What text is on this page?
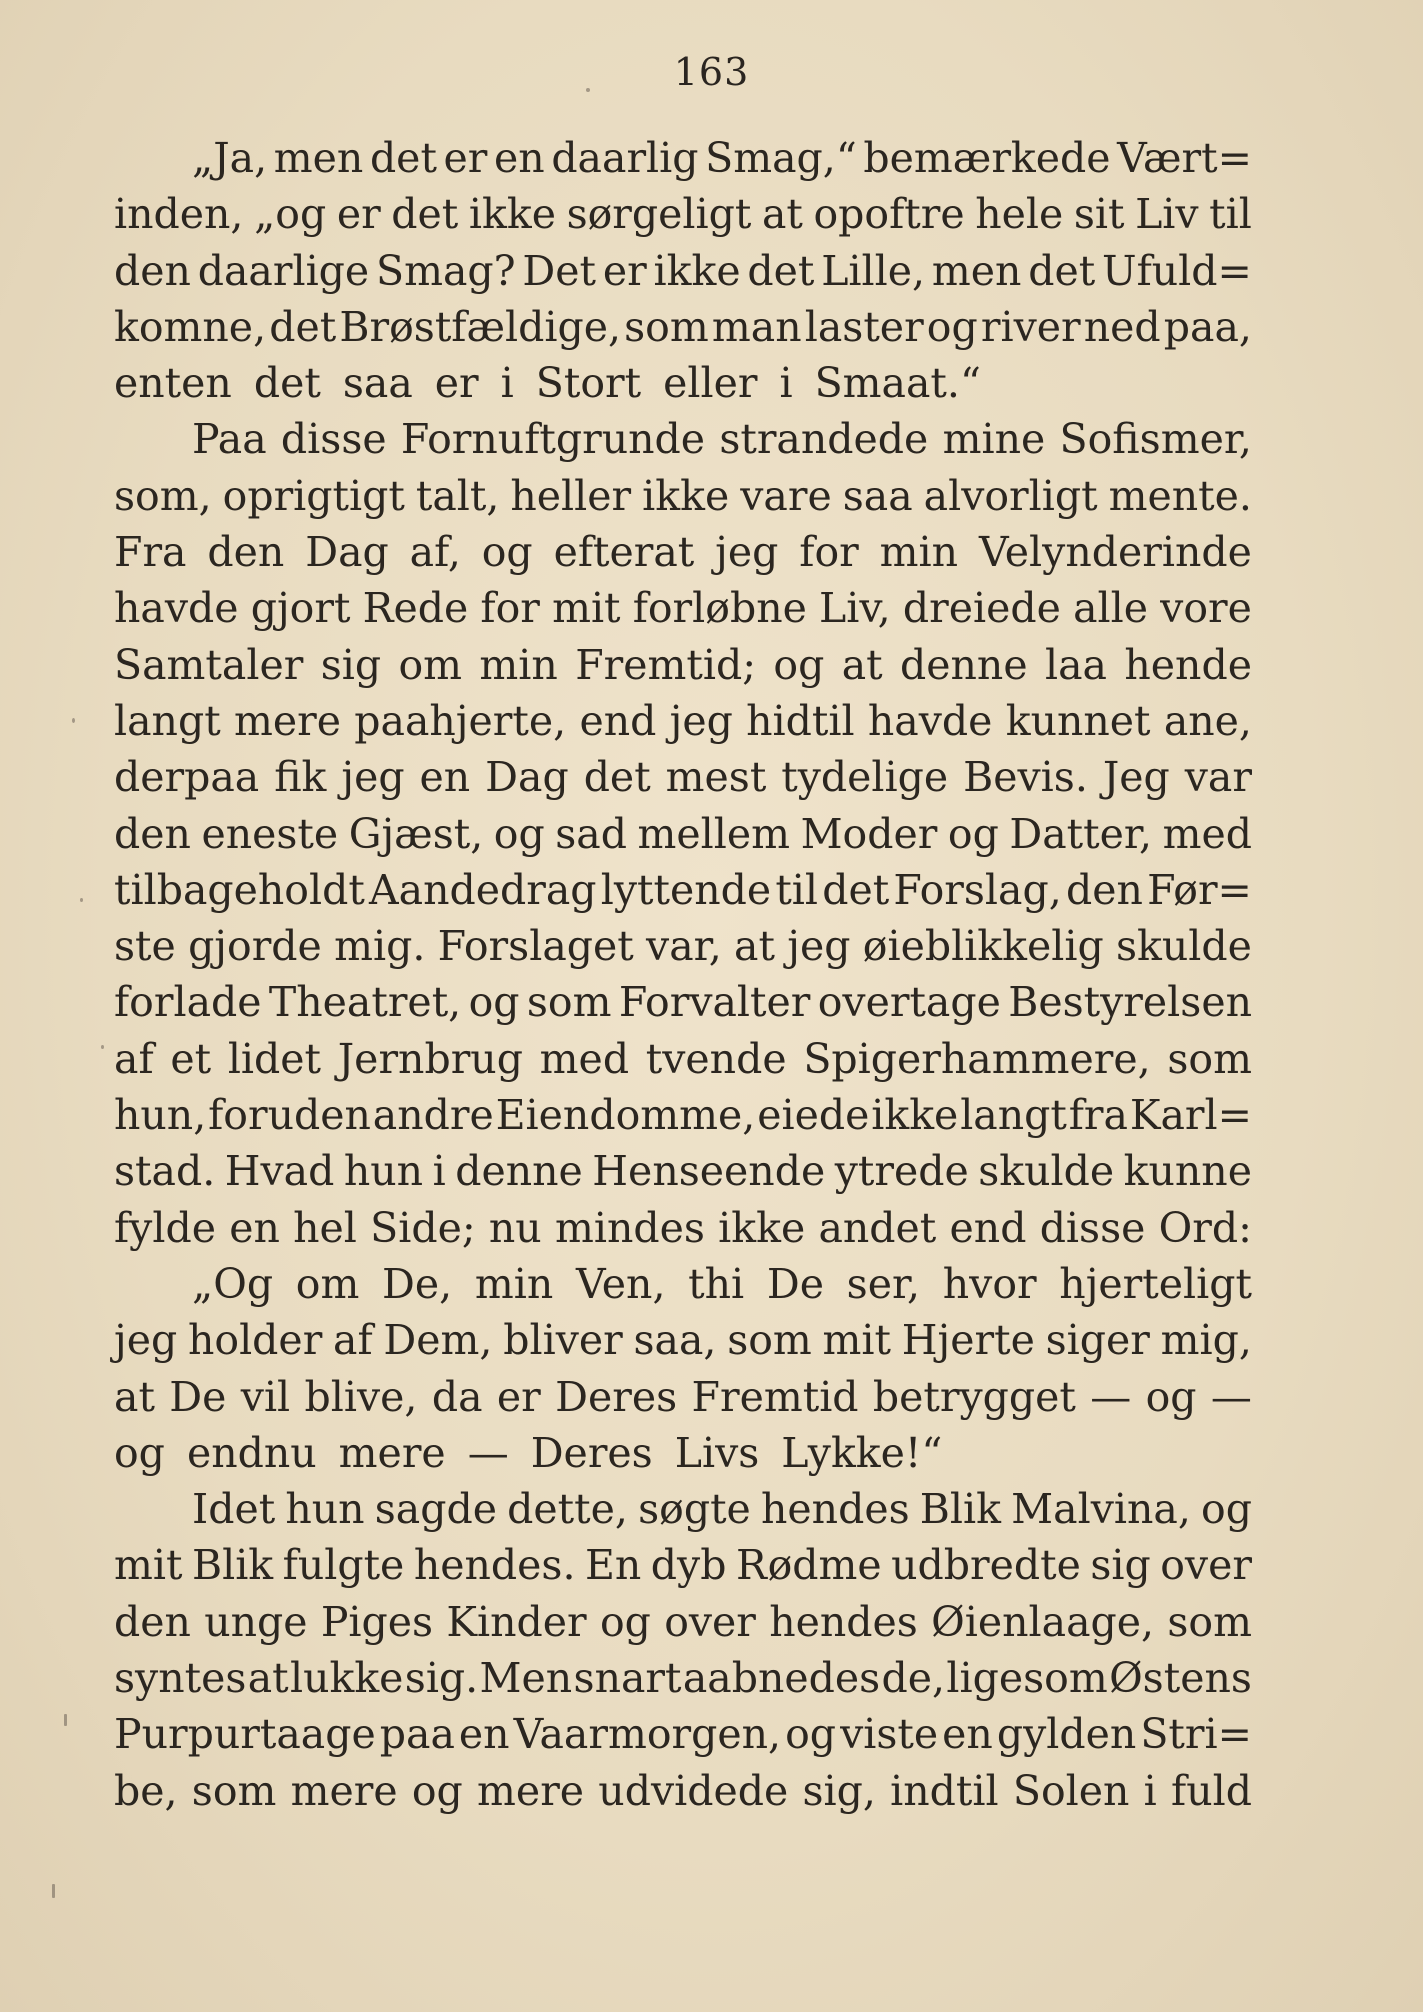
163
„Ja, men det er en daarlig Smag,“ bemærkede Vært=
inden, „og er det ikke sørgeligt at opoftre hele sit Liv til
den daarlige Smag? Det er ikke det Lille, men det Ufuld=
komne, det Brøstfældige, som man laster og river ned paa,
enten det saa er i Stort eller i Smaat.“
Paa disse Fornuftgrunde strandede mine Sofismer,
som, oprigtigt talt, heller ikke vare saa alvorligt mente.
Fra den Dag af, og efterat jeg for min Velynderinde
havde gjort Rede for mit forløbne Liv, dreiede alle vore
Samtaler sig om min Fremtid; og at denne laa hende
langt mere paahjerte, end jeg hidtil havde kunnet ane,
derpaa fik jeg en Dag det mest tydelige Bevis. Jeg var
den eneste Gjæst, og sad mellem Moder og Datter, med
tilbageholdt Aandedrag lyttende til det Forslag, den Før=
ste gjorde mig. Forslaget var, at jeg øieblikkelig skulde
forlade Theatret, og som Forvalter overtage Bestyrelsen
af et lidet Jernbrug med tvende Spigerhammere, som
hun, foruden andre Eiendomme, eiede ikke langt fra Karl=
stad. Hvad hun i denne Henseende ytrede skulde kunne
fylde en hel Side; nu mindes ikke andet end disse Ord:
„Og om De, min Ven, thi De ser, hvor hjerteligt
jeg holder af Dem, bliver saa, som mit Hjerte siger mig,
at De vil blive, da er Deres Fremtid betrygget — og —
og endnu mere — Deres Livs Lykke!“
Idet hun sagde dette, søgte hendes Blik Malvina, og
mit Blik fulgte hendes. En dyb Rødme udbredte sig over
den unge Piges Kinder og over hendes Øienlaage, som
syntes at lukke sig. Men snart aabnedes de, ligesom Østens
Purpurtaage paa en Vaarmorgen, og viste en gylden Stri=
be, som mere og mere udvidede sig, indtil Solen i fuld
